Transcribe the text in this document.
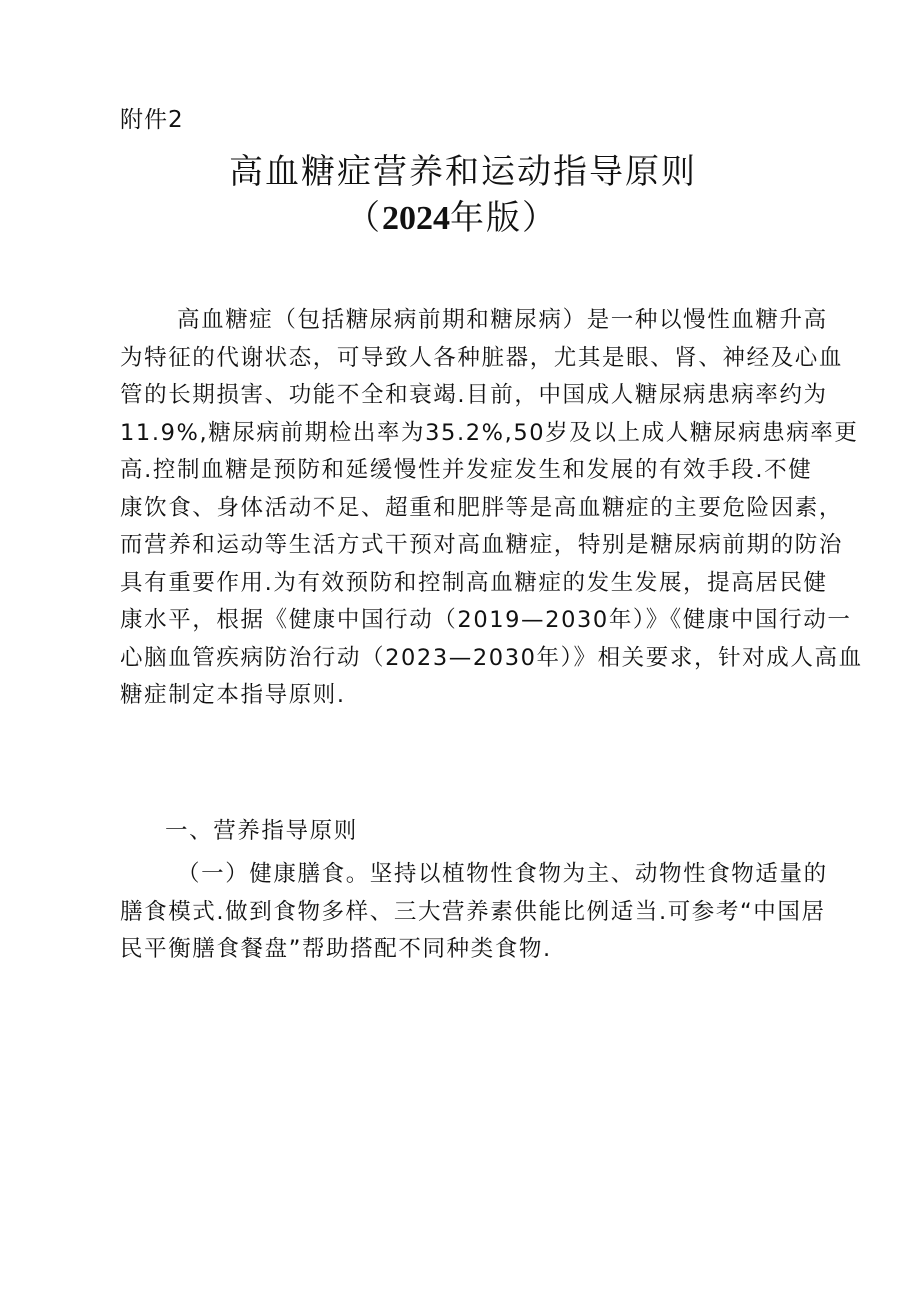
附件2
高血糖症营养和运动指导原则
（2024年版）
高血糖症（包括糖尿病前期和糖尿病）是一种以慢性血糖升高
为特征的代谢状态，可导致人各种脏器，尤其是眼、肾、神经及心血
管的长期损害、功能不全和衰竭.目前，中国成人糖尿病患病率约为
11.9%,糖尿病前期检出率为35.2%,50岁及以上成人糖尿病患病率更
高.控制血糖是预防和延缓慢性并发症发生和发展的有效手段.不健
康饮食、身体活动不足、超重和肥胖等是高血糖症的主要危险因素，
而营养和运动等生活方式干预对高血糖症，特别是糖尿病前期的防治
具有重要作用.为有效预防和控制高血糖症的发生发展，提高居民健
康水平，根据《健康中国行动（2019—2030年）》《健康中国行动一
心脑血管疾病防治行动（2023—2030年）》相关要求，针对成人高血
糖症制定本指导原则.
一、营养指导原则
（一）健康膳食。坚持以植物性食物为主、动物性食物适量的
膳食模式.做到食物多样、三大营养素供能比例适当.可参考“中国居
民平衡膳食餐盘”帮助搭配不同种类食物.
